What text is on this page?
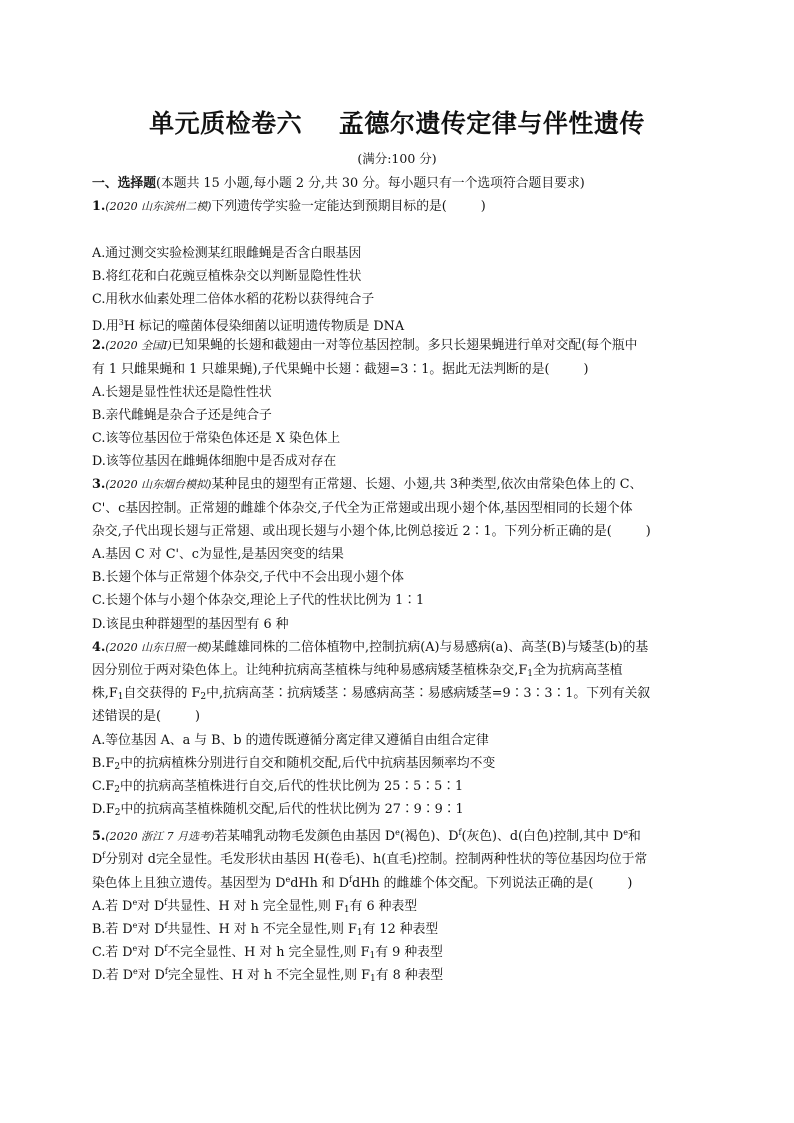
单元质检卷六    孟德尔遗传定律与伴性遗传
(满分:100 分)
一、选择题(本题共 15 小题,每小题 2 分,共 30 分。每小题只有一个选项符合题目要求)
1.(2020 山东滨州二模)下列遗传学实验一定能达到预期目标的是(	)
A.通过测交实验检测某红眼雌蝇是否含白眼基因
B.将红花和白花豌豆植株杂交以判断显隐性性状
C.用秋水仙素处理二倍体水稻的花粉以获得纯合子
D.用$^3$H 标记的噬菌体侵染细菌以证明遗传物质是 DNA
2.(2020 全国Ⅰ)已知果蝇的长翅和截翅由一对等位基因控制。多只长翅果蝇进行单对交配(每个瓶中
有 1 只雌果蝇和 1 只雄果蝇),子代果蝇中长翅∶截翅=3∶1。据此无法判断的是(	)
A.长翅是显性性状还是隐性性状
B.亲代雌蝇是杂合子还是纯合子
C.该等位基因位于常染色体还是 X 染色体上
D.该等位基因在雌蝇体细胞中是否成对存在
3.(2020 山东烟台模拟)某种昆虫的翅型有正常翅、长翅、小翅,共 3种类型,依次由常染色体上的 C、
C'、c基因控制。正常翅的雌雄个体杂交,子代全为正常翅或出现小翅个体,基因型相同的长翅个体
杂交,子代出现长翅与正常翅、或出现长翅与小翅个体,比例总接近 2∶1。下列分析正确的是(	)
A.基因 C 对 C'、c为显性,是基因突变的结果
B.长翅个体与正常翅个体杂交,子代中不会出现小翅个体
C.长翅个体与小翅个体杂交,理论上子代的性状比例为 1∶1
D.该昆虫种群翅型的基因型有 6 种
4.(2020 山东日照一模)某雌雄同株的二倍体植物中,控制抗病(A)与易感病(a)、高茎(B)与矮茎(b)的基
因分别位于两对染色体上。让纯种抗病高茎植株与纯种易感病矮茎植株杂交$,F_1$全为抗病高茎植
株$,F_1$自交获得的 $F_2$中,抗病高茎∶抗病矮茎∶易感病高茎∶易感病矮茎=9∶3∶3∶1。下列有关叙
述错误的是(	)
A.等位基因 A、a 与 B、b 的遗传既遵循分离定律又遵循自由组合定律
$B.F_2$中的抗病植株分别进行自交和随机交配,后代中抗病基因频率均不变
$C.F_2$中的抗病高茎植株进行自交,后代的性状比例为 25∶5∶5∶1
$D.F_2$中的抗病高茎植株随机交配,后代的性状比例为 27∶9∶9∶1
5.(2020 浙江 7 月选考)若某哺乳动物毛发颜色由基因 De(褐色)、$D^f$(灰色)、d(白色)控制,其中 De和
$D^f$分别对 d完全显性。毛发形状由基因 H(卷毛)、h(直毛)控制。控制两种性状的等位基因均位于常
染色体上且独立遗传。基因型为 DedHh 和 $D^fdHh$ 的雌雄个体交配。下列说法正确的是(	)
A.若 De对 $D^f$共显性、H 对 h 完全显性,则 $F_1$有 6 种表型
B.若 De对 $D^f$共显性、H 对 h 不完全显性,则 $F_1$有 12 种表型
C.若 De对 $D^f$不完全显性、H 对 h 完全显性,则 $F_1$有 9 种表型
D.若 De对 $D^f$完全显性、H 对 h 不完全显性,则 $F_1$有 8 种表型
